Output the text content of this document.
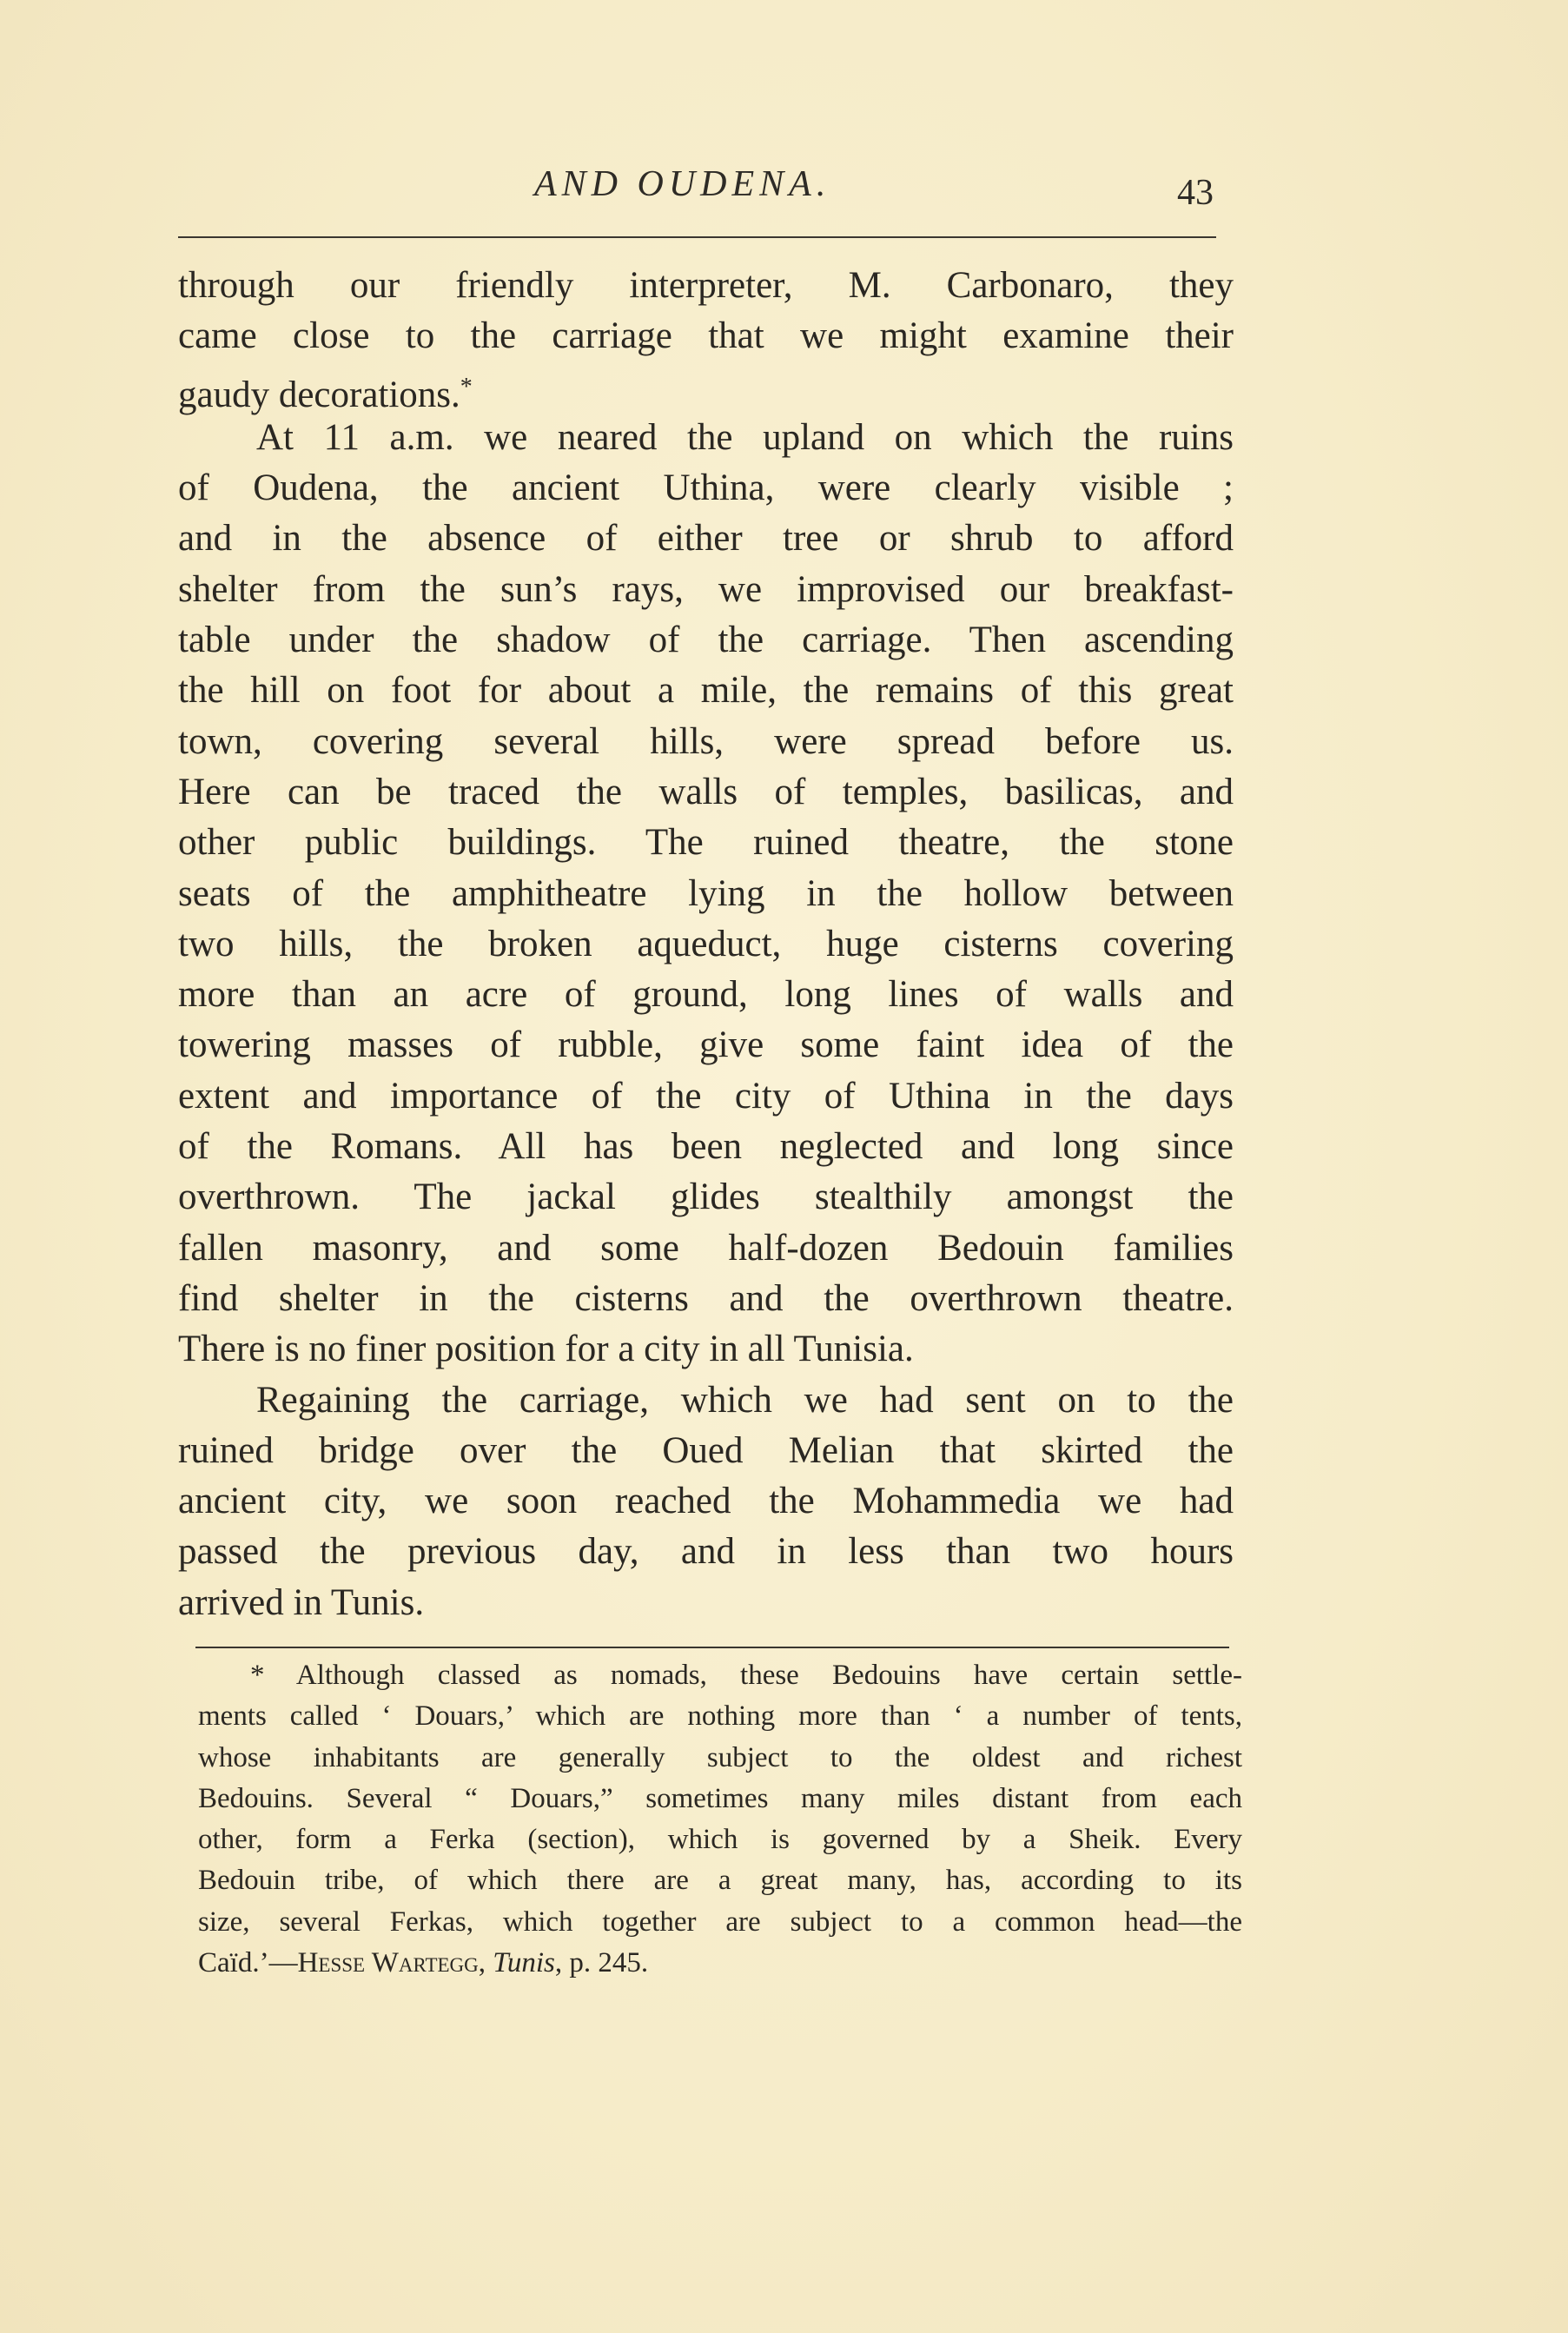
AND OUDENA.	43
through our friendly interpreter, M. Carbonaro, they
came close to the carriage that we might examine their
gaudy decorations.*
At 11 a.m. we neared the upland on which the ruins
of Oudena, the ancient Uthina, were clearly visible ;
and in the absence of either tree or shrub to afford
shelter from the sun’s rays, we improvised our breakfast-
table under the shadow of the carriage. Then ascending
the hill on foot for about a mile, the remains of this great
town, covering several hills, were spread before us.
Here can be traced the walls of temples, basilicas, and
other public buildings. The ruined theatre, the stone
seats of the amphitheatre lying in the hollow between
two hills, the broken aqueduct, huge cisterns covering
more than an acre of ground, long lines of walls and
towering masses of rubble, give some faint idea of the
extent and importance of the city of Uthina in the days
of the Romans. All has been neglected and long since
overthrown. The jackal glides stealthily amongst the
fallen masonry, and some half-dozen Bedouin families
find shelter in the cisterns and the overthrown theatre.
There is no finer position for a city in all Tunisia.
Regaining the carriage, which we had sent on to the
ruined bridge over the Oued Melian that skirted the
ancient city, we soon reached the Mohammedia we had
passed the previous day, and in less than two hours
arrived in Tunis.
* Although classed as nomads, these Bedouins have certain settle-
ments called ‘ Douars,’ which are nothing more than ‘ a number of tents,
whose inhabitants are generally subject to the oldest and richest
Bedouins. Several “ Douars,” sometimes many miles distant from each
other, form a Ferka (section), which is governed by a Sheik. Every
Bedouin tribe, of which there are a great many, has, according to its
size, several Ferkas, which together are subject to a common head—the
Caïd.’—Hesse Wartegg, Tunis, p. 245.
